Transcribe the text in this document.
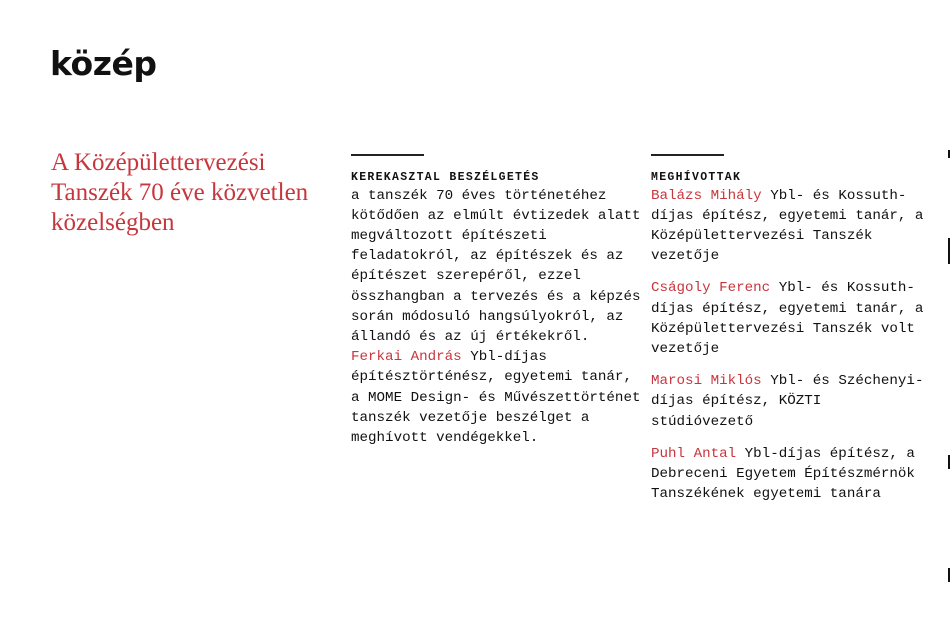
közép
A Középülettervezési Tanszék 70 éve közvetlen közelségben
KEREKASZTAL BESZÉLGETÉS
a tanszék 70 éves történetéhez kötődően az elmúlt évtizedek alatt megváltozott építészeti feladatokról, az építészek és az építészet szerepéről, ezzel összhangban a tervezés és a képzés során módosuló hangsúlyokról, az állandó és az új értékekről. Ferkai András Ybl-díjas építésztörténész, egyetemi tanár, a MOME Design- és Művészettörténet tanszék vezetője beszélget a meghívott vendégekkel.
MEGHÍVOTTAK
Balázs Mihály Ybl- és Kossuth-díjas építész, egyetemi tanár, a Középülettervezési Tanszék vezetője
Cságoly Ferenc Ybl- és Kossuth-díjas építész, egyetemi tanár, a Középülettervezési Tanszék volt vezetője
Marosi Miklós Ybl- és Széchenyi-díjas építész, KÖZTI stúdióvezető
Puhl Antal Ybl-díjas építész, a Debreceni Egyetem Építészmérnök Tanszékének egyetemi tanára
